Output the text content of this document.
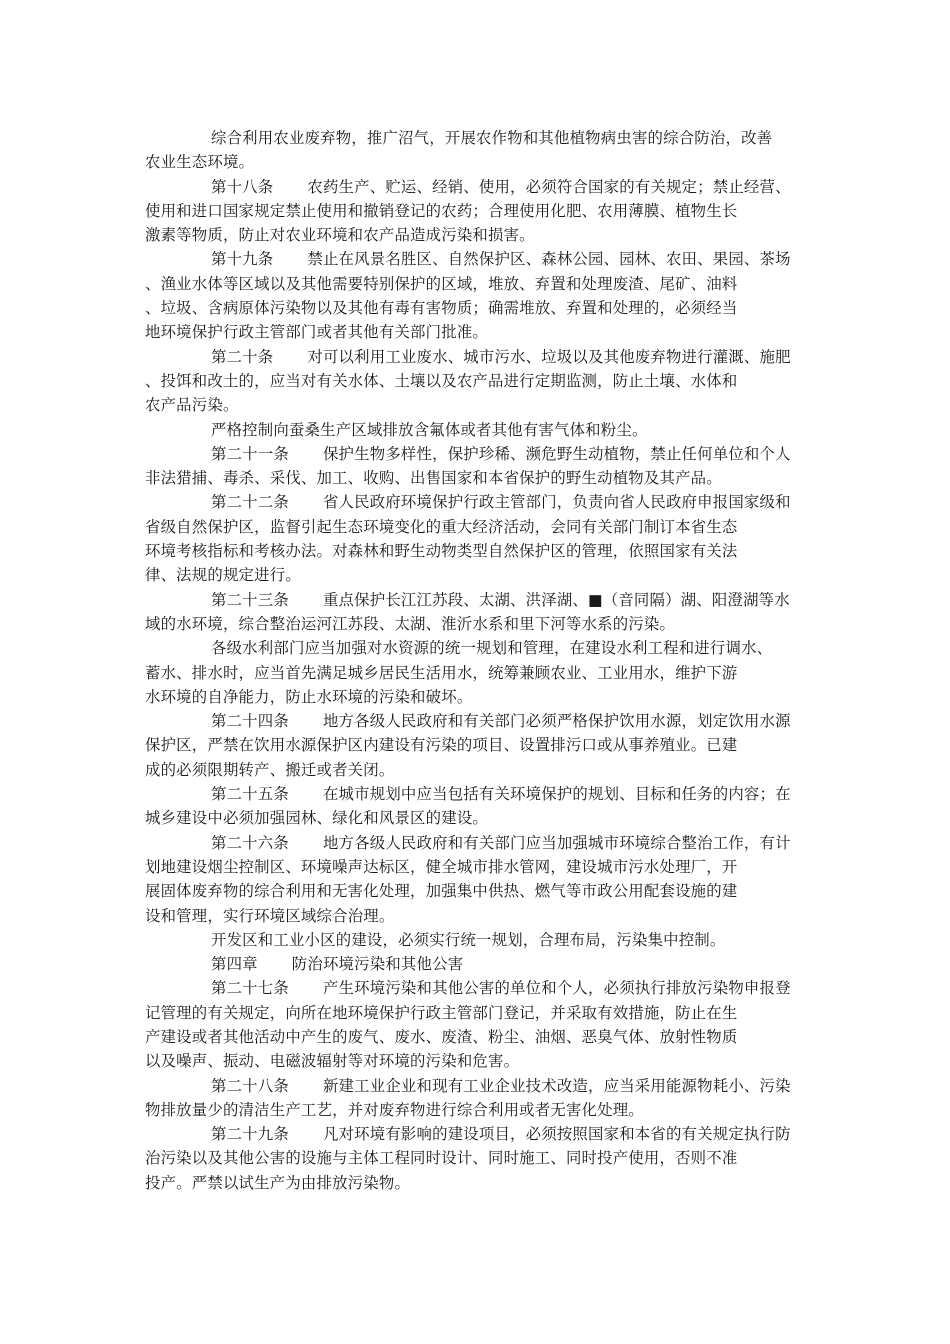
综合利用农业废弃物，推广沼气，开展农作物和其他植物病虫害的综合防治，改善
农业生态环境。
第十八条 农药生产、贮运、经销、使用，必须符合国家的有关规定；禁止经营、
使用和进口国家规定禁止使用和撤销登记的农药；合理使用化肥、农用薄膜、植物生长
激素等物质，防止对农业环境和农产品造成污染和损害。
第十九条 禁止在风景名胜区、自然保护区、森林公园、园林、农田、果园、茶场
、渔业水体等区域以及其他需要特别保护的区域，堆放、弃置和处理废渣、尾矿、油料
、垃圾、含病原体污染物以及其他有毒有害物质；确需堆放、弃置和处理的，必须经当
地环境保护行政主管部门或者其他有关部门批准。
第二十条 对可以利用工业废水、城市污水、垃圾以及其他废弃物进行灌溉、施肥
、投饵和改土的，应当对有关水体、土壤以及农产品进行定期监测，防止土壤、水体和
农产品污染。
严格控制向蚕桑生产区域排放含氟体或者其他有害气体和粉尘。
第二十一条 保护生物多样性，保护珍稀、濒危野生动植物，禁止任何单位和个人
非法猎捕、毒杀、采伐、加工、收购、出售国家和本省保护的野生动植物及其产品。
第二十二条 省人民政府环境保护行政主管部门，负责向省人民政府申报国家级和
省级自然保护区，监督引起生态环境变化的重大经济活动，会同有关部门制订本省生态
环境考核指标和考核办法。对森林和野生动物类型自然保护区的管理，依照国家有关法
律、法规的规定进行。
第二十三条 重点保护长江江苏段、太湖、洪泽湖、■（音同隔）湖、阳澄湖等水
域的水环境，综合整治运河江苏段、太湖、淮沂水系和里下河等水系的污染。
各级水利部门应当加强对水资源的统一规划和管理，在建设水利工程和进行调水、
蓄水、排水时，应当首先满足城乡居民生活用水，统筹兼顾农业、工业用水，维护下游
水环境的自净能力，防止水环境的污染和破坏。
第二十四条 地方各级人民政府和有关部门必须严格保护饮用水源，划定饮用水源
保护区，严禁在饮用水源保护区内建设有污染的项目、设置排污口或从事养殖业。已建
成的必须限期转产、搬迁或者关闭。
第二十五条 在城市规划中应当包括有关环境保护的规划、目标和任务的内容；在
城乡建设中必须加强园林、绿化和风景区的建设。
第二十六条 地方各级人民政府和有关部门应当加强城市环境综合整治工作，有计
划地建设烟尘控制区、环境噪声达标区，健全城市排水管网，建设城市污水处理厂，开
展固体废弃物的综合利用和无害化处理，加强集中供热、燃气等市政公用配套设施的建
设和管理，实行环境区域综合治理。
开发区和工业小区的建设，必须实行统一规划，合理布局，污染集中控制。
第四章 防治环境污染和其他公害
第二十七条 产生环境污染和其他公害的单位和个人，必须执行排放污染物申报登
记管理的有关规定，向所在地环境保护行政主管部门登记，并采取有效措施，防止在生
产建设或者其他活动中产生的废气、废水、废渣、粉尘、油烟、恶臭气体、放射性物质
以及噪声、振动、电磁波辐射等对环境的污染和危害。
第二十八条 新建工业企业和现有工业企业技术改造，应当采用能源物耗小、污染
物排放量少的清洁生产工艺，并对废弃物进行综合利用或者无害化处理。
第二十九条 凡对环境有影响的建设项目，必须按照国家和本省的有关规定执行防
治污染以及其他公害的设施与主体工程同时设计、同时施工、同时投产使用，否则不准
投产。严禁以试生产为由排放污染物。
